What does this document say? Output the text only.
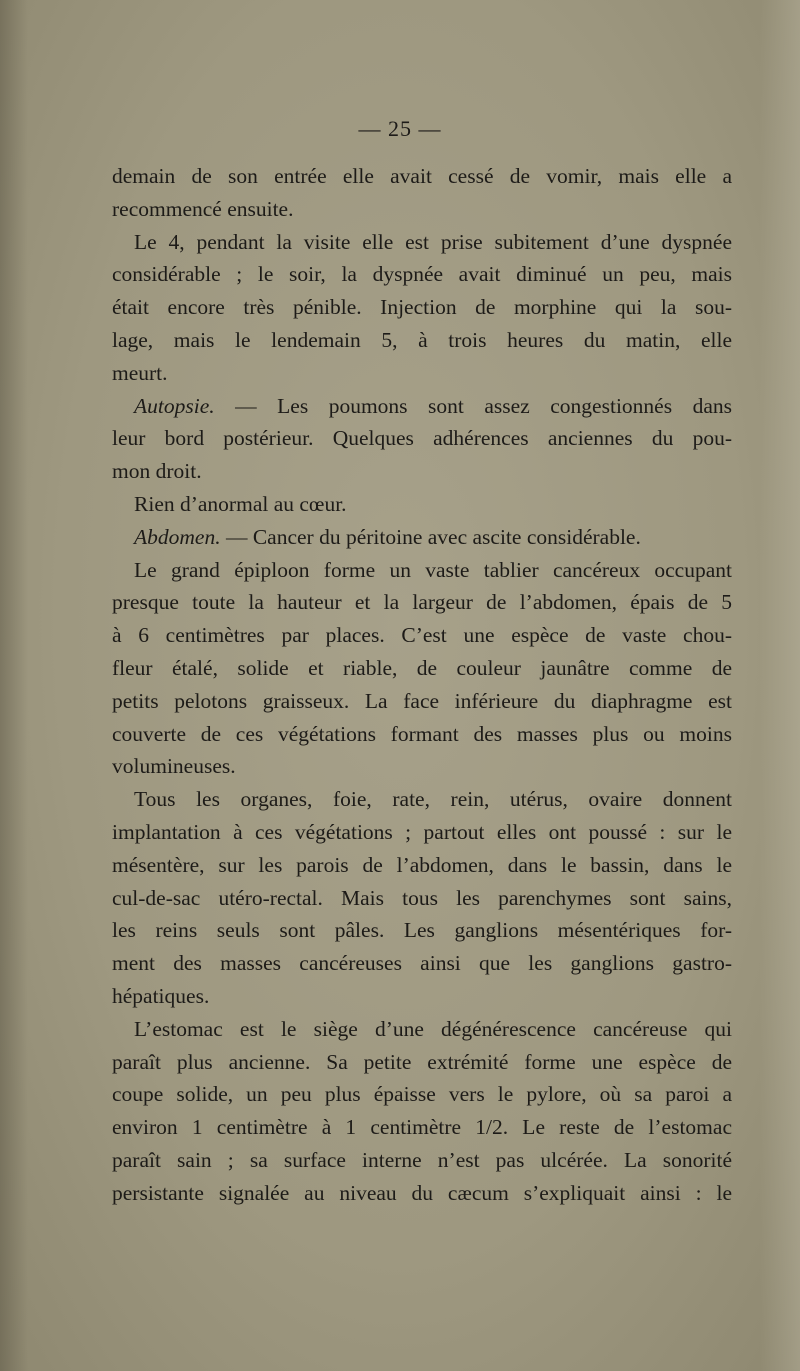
— 25 —
demain de son entrée elle avait cessé de vomir, mais elle a
recommencé ensuite.
Le 4, pendant la visite elle est prise subitement d’une dyspnée
considérable ; le soir, la dyspnée avait diminué un peu, mais
était encore très pénible. Injection de morphine qui la sou-
lage, mais le lendemain 5, à trois heures du matin, elle
meurt.
Autopsie. — Les poumons sont assez congestionnés dans
leur bord postérieur. Quelques adhérences anciennes du pou-
mon droit.
Rien d’anormal au cœur.
Abdomen. — Cancer du péritoine avec ascite considérable.
Le grand épiploon forme un vaste tablier cancéreux occupant
presque toute la hauteur et la largeur de l’abdomen, épais de 5
à 6 centimètres par places. C’est une espèce de vaste chou-
fleur étalé, solide et riable, de couleur jaunâtre comme de
petits pelotons graisseux. La face inférieure du diaphragme est
couverte de ces végétations formant des masses plus ou moins
volumineuses.
Tous les organes, foie, rate, rein, utérus, ovaire donnent
implantation à ces végétations ; partout elles ont poussé : sur le
mésentère, sur les parois de l’abdomen, dans le bassin, dans le
cul-de-sac utéro-rectal. Mais tous les parenchymes sont sains,
les reins seuls sont pâles. Les ganglions mésentériques for-
ment des masses cancéreuses ainsi que les ganglions gastro-
hépatiques.
L’estomac est le siège d’une dégénérescence cancéreuse qui
paraît plus ancienne. Sa petite extrémité forme une espèce de
coupe solide, un peu plus épaisse vers le pylore, où sa paroi a
environ 1 centimètre à 1 centimètre 1/2. Le reste de l’estomac
paraît sain ; sa surface interne n’est pas ulcérée. La sonorité
persistante signalée au niveau du cæcum s’expliquait ainsi : le
